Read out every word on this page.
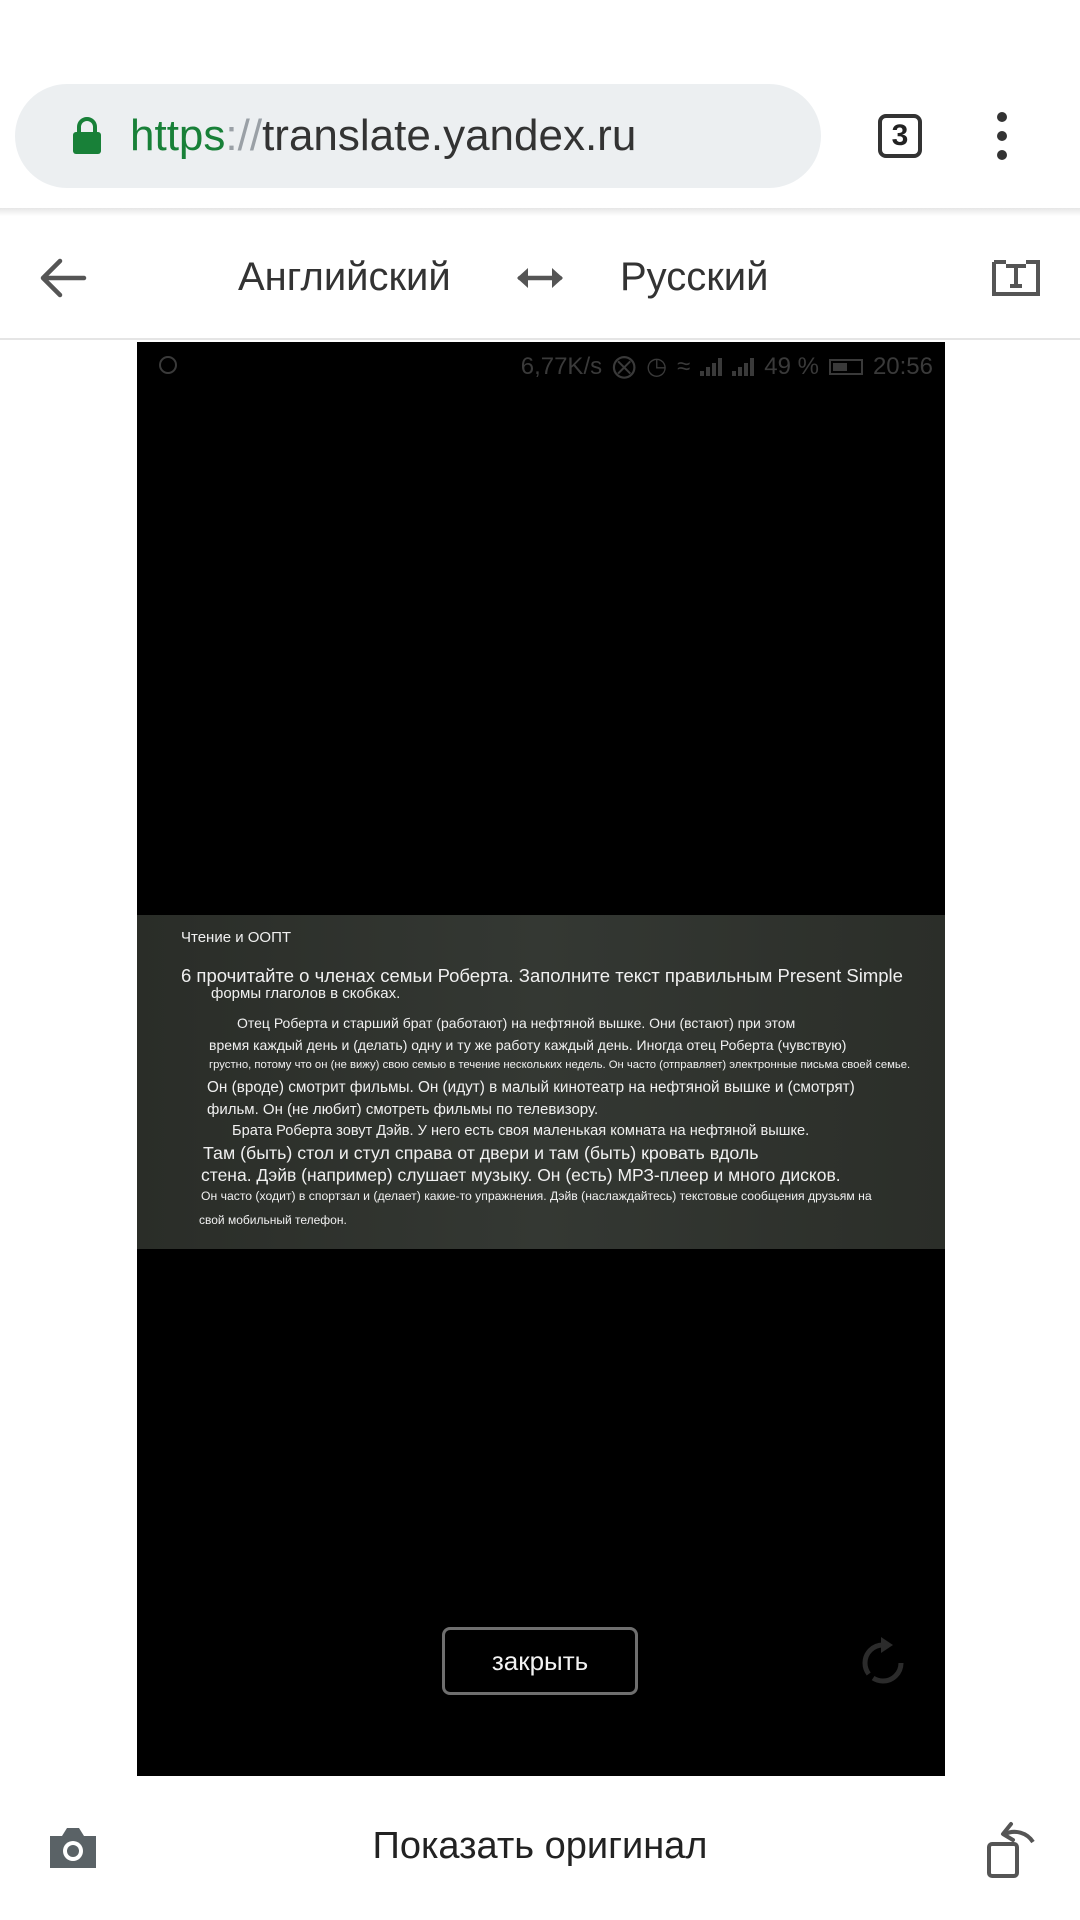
https://translate.yandex.ru	3
Английский	Русский
6,77K/s ⨂ ◷ ≈	49 % 20:56
Чтение и ООПТ
6 прочитайте о членах семьи Роберта. Заполните текст правильным Present Simple
формы глаголов в скобках.
Отец Роберта и старший брат (работают) на нефтяной вышке. Они (встают) при этом
время каждый день и (делать) одну и ту же работу каждый день. Иногда отец Роберта (чувствую)
грустно, потому что он (не вижу) свою семью в течение нескольких недель. Он часто (отправляет) электронные письма своей семье.
Он (вроде) смотрит фильмы. Он (идут) в малый кинотеатр на нефтяной вышке и (смотрят)
фильм. Он (не любит) смотреть фильмы по телевизору.
Брата Роберта зовут Дэйв. У него есть своя маленькая комната на нефтяной вышке.
Там (быть) стол и стул справа от двери и там (быть) кровать вдоль
стена. Дэйв (например) слушает музыку. Он (есть) МРЗ-плеер и много дисков.
Он часто (ходит) в спортзал и (делает) какие-то упражнения. Дэйв (наслаждайтесь) текстовые сообщения друзьям на
свой мобильный телефон.
закрыть
Показать оригинал
